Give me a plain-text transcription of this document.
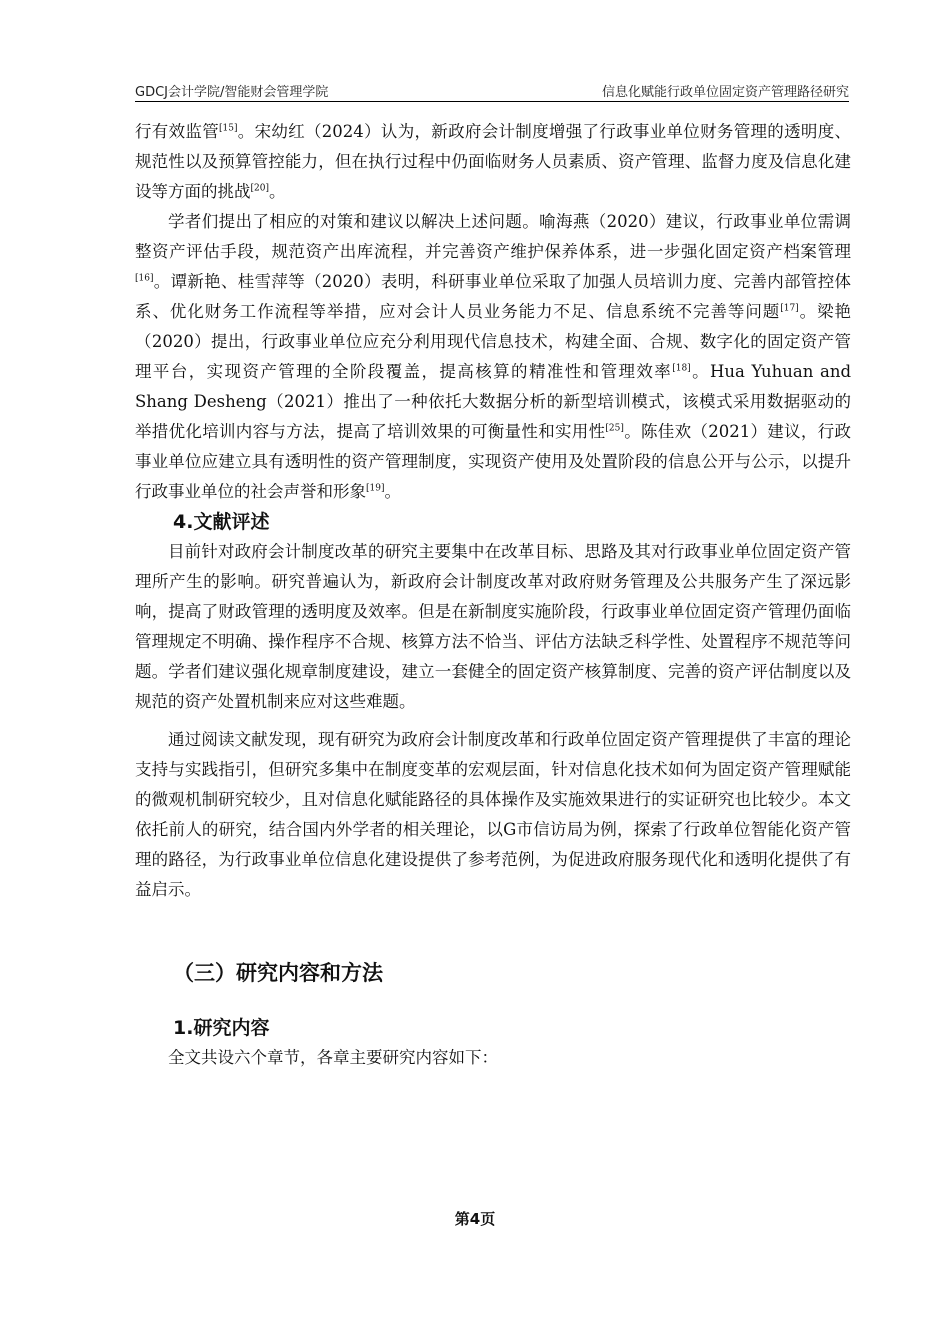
GDCJ会计学院/智能财会管理学院	信息化赋能行政单位固定资产管理路径研究

行有效监管[15]。宋幼红（2024）认为，新政府会计制度增强了行政事业单位财务管理的透明度、规范性以及预算管控能力，但在执行过程中仍面临财务人员素质、资产管理、监督力度及信息化建设等方面的挑战[20]。

学者们提出了相应的对策和建议以解决上述问题。喻海燕（2020）建议，行政事业单位需调整资产评估手段，规范资产出库流程，并完善资产维护保养体系，进一步强化固定资产档案管理[16]。谭新艳、桂雪萍等（2020）表明，科研事业单位采取了加强人员培训力度、完善内部管控体系、优化财务工作流程等举措，应对会计人员业务能力不足、信息系统不完善等问题[17]。梁艳（2020）提出，行政事业单位应充分利用现代信息技术，构建全面、合规、数字化的固定资产管理平台，实现资产管理的全阶段覆盖，提高核算的精准性和管理效率[18]。Hua Yuhuan and Shang Desheng（2021）推出了一种依托大数据分析的新型培训模式，该模式采用数据驱动的举措优化培训内容与方法，提高了培训效果的可衡量性和实用性[25]。陈佳欢（2021）建议，行政事业单位应建立具有透明性的资产管理制度，实现资产使用及处置阶段的信息公开与公示，以提升行政事业单位的社会声誉和形象[19]。

4.文献评述

目前针对政府会计制度改革的研究主要集中在改革目标、思路及其对行政事业单位固定资产管理所产生的影响。研究普遍认为，新政府会计制度改革对政府财务管理及公共服务产生了深远影响，提高了财政管理的透明度及效率。但是在新制度实施阶段，行政事业单位固定资产管理仍面临管理规定不明确、操作程序不合规、核算方法不恰当、评估方法缺乏科学性、处置程序不规范等问题。学者们建议强化规章制度建设，建立一套健全的固定资产核算制度、完善的资产评估制度以及规范的资产处置机制来应对这些难题。

通过阅读文献发现，现有研究为政府会计制度改革和行政单位固定资产管理提供了丰富的理论支持与实践指引，但研究多集中在制度变革的宏观层面，针对信息化技术如何为固定资产管理赋能的微观机制研究较少，且对信息化赋能路径的具体操作及实施效果进行的实证研究也比较少。本文依托前人的研究，结合国内外学者的相关理论，以G市信访局为例，探索了行政单位智能化资产管理的路径，为行政事业单位信息化建设提供了参考范例，为促进政府服务现代化和透明化提供了有益启示。

（三）研究内容和方法
1.研究内容

全文共设六个章节，各章主要研究内容如下：

第4页
